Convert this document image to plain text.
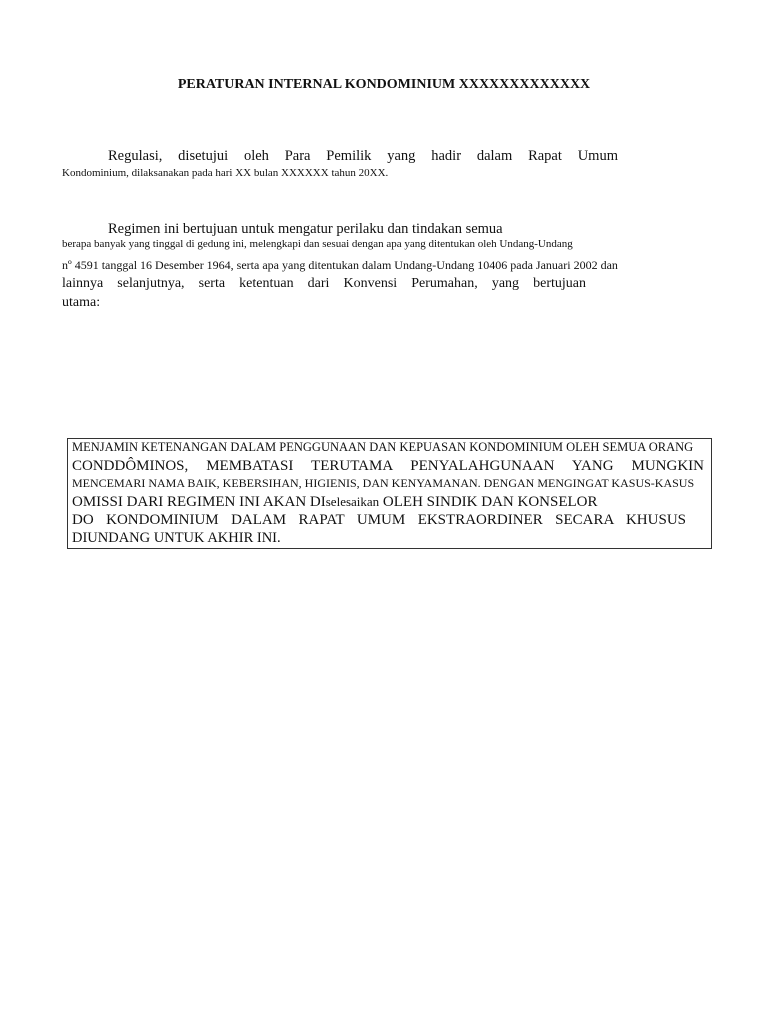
PERATURAN INTERNAL KONDOMINIUM XXXXXXXXXXXXX

Regulasi, disetujui oleh Para Pemilik yang hadir dalam Rapat Umum

Kondominium, dilaksanakan pada hari XX bulan XXXXXX tahun 20XX.

Regimen ini bertujuan untuk mengatur perilaku dan tindakan semua

berapa banyak yang tinggal di gedung ini, melengkapi dan sesuai dengan apa yang ditentukan oleh Undang-Undang

nº 4591 tanggal 16 Desember 1964, serta apa yang ditentukan dalam Undang-Undang 10406 pada Januari 2002 dan

lainnya selanjutnya, serta ketentuan dari Konvensi Perumahan, yang bertujuan

utama:

MENJAMIN KETENANGAN DALAM PENGGUNAAN DAN KEPUASAN KONDOMINIUM OLEH SEMUA ORANG

CONDDÔMINOS, MEMBATASI TERUTAMA PENYALAHGUNAAN YANG MUNGKIN

MENCEMARI NAMA BAIK, KEBERSIHAN, HIGIENIS, DAN KENYAMANAN. DENGAN MENGINGAT KASUS-KASUS

OMISSI DARI REGIMEN INI AKAN DIselesaikan OLEH SINDIK DAN KONSELOR

DO KONDOMINIUM DALAM RAPAT UMUM EKSTRAORDINER SECARA KHUSUS

DIUNDANG UNTUK AKHIR INI.
